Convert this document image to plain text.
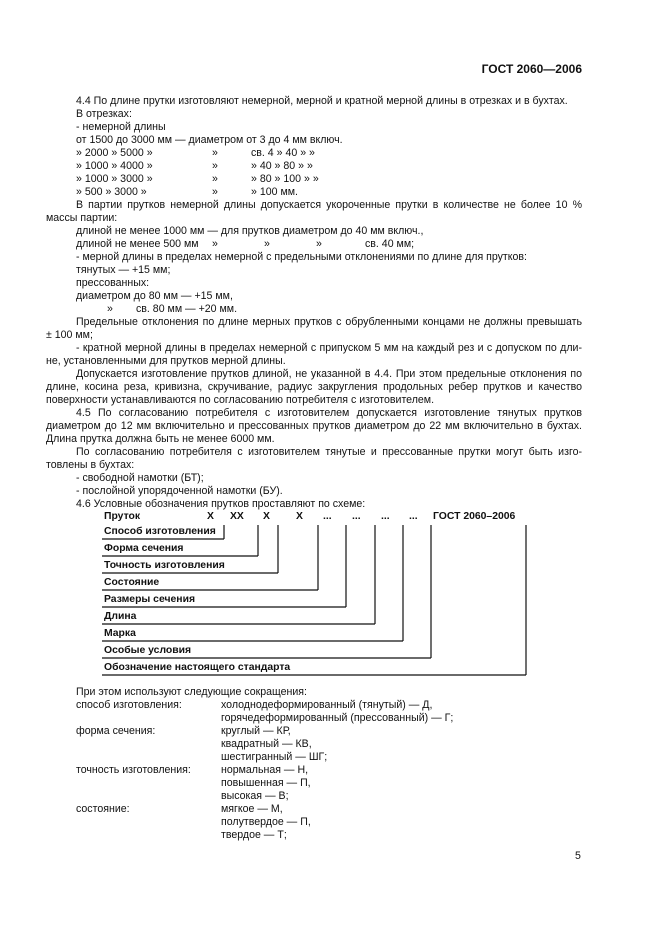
ГОСТ 2060—2006
4.4 По длине прутки изготовляют немерной, мерной и кратной мерной длины в отрезках и в бухтах.
В отрезках:
- немерной длины
от 1500 до 3000 мм — диаметром от 3 до 4 мм включ.
» 2000 » 5000 »	»	св. 4 » 40 » »
» 1000 » 4000 »	»	» 40 » 80 » »
» 1000 » 3000 »	»	» 80 » 100 » »
» 500 » 3000 »	»	» 100 мм.
В партии прутков немерной длины допускается укороченные прутки в количестве не более 10 %
массы партии:
длиной не менее 1000 мм — для прутков диаметром до 40 мм включ.,
длиной не менее 500 мм »	»	»	св. 40 мм;
- мерной длины в пределах немерной с предельными отклонениями по длине для прутков:
тянутых — +15 мм;
прессованных:
диаметром до 80 мм — +15 мм,
» св. 80 мм — +20 мм.
Предельные отклонения по длине мерных прутков с обрубленными концами не должны превышать
± 100 мм;
- кратной мерной длины в пределах немерной с припуском 5 мм на каждый рез и с допуском по дли-
не, установленными для прутков мерной длины.
Допускается изготовление прутков длиной, не указанной в 4.4. При этом предельные отклонения по
длине, косина реза, кривизна, скручивание, радиус закругления продольных ребер прутков и качество
поверхности устанавливаются по согласованию потребителя с изготовителем.
4.5 По согласованию потребителя с изготовителем допускается изготовление тянутых прутков
диаметром до 12 мм включительно и прессованных прутков диаметром до 22 мм включительно в бухтах.
Длина прутка должна быть не менее 6000 мм.
По согласованию потребителя с изготовителем тянутые и прессованные прутки могут быть изго-
товлены в бухтах:
- свободной намотки (БТ);
- послойной упорядоченной намотки (БУ).
4.6 Условные обозначения прутков проставляют по схеме:
Пруток	Х ХХ Х	Х ... ... ... ... ГОСТ 2060–2006
Способ изготовления
Форма сечения
Точность изготовления
Состояние
Размеры сечения
Длина
Марка
Особые условия
Обозначение настоящего стандарта
При этом используют следующие сокращения:
способ изготовления:	холоднодеформированный (тянутый) — Д,
горячедеформированный (прессованный) — Г;
форма сечения:	круглый — КР,
квадратный — КВ,
шестигранный — ШГ;
точность изготовления:	нормальная — Н,
повышенная — П,
высокая — В;
состояние:	мягкое — М,
полутвердое — П,
твердое — Т;
5
